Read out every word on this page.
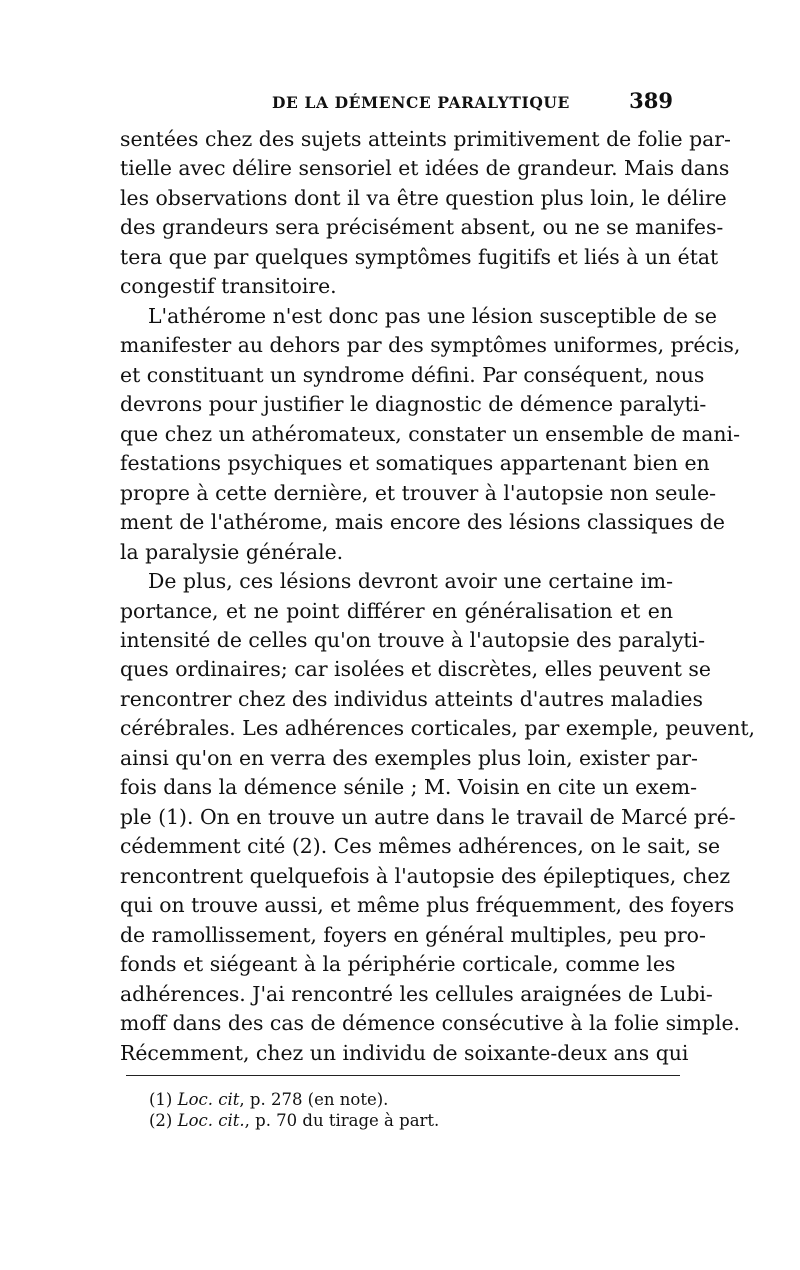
DE LA DÉMENCE PARALYTIQUE	389
sentées chez des sujets atteints primitivement de folie par-
tielle avec délire sensoriel et idées de grandeur. Mais dans
les observations dont il va être question plus loin, le délire
des grandeurs sera précisément absent, ou ne se manifes-
tera que par quelques symptômes fugitifs et liés à un état
congestif transitoire.
L'athérome n'est donc pas une lésion susceptible de se
manifester au dehors par des symptômes uniformes, précis,
et constituant un syndrome défini. Par conséquent, nous
devrons pour justifier le diagnostic de démence paralyti-
que chez un athéromateux, constater un ensemble de mani-
festations psychiques et somatiques appartenant bien en
propre à cette dernière, et trouver à l'autopsie non seule-
ment de l'athérome, mais encore des lésions classiques de
la paralysie générale.
De plus, ces lésions devront avoir une certaine im-
portance, et ne point différer en généralisation et en
intensité de celles qu'on trouve à l'autopsie des paralyti-
ques ordinaires; car isolées et discrètes, elles peuvent se
rencontrer chez des individus atteints d'autres maladies
cérébrales. Les adhérences corticales, par exemple, peuvent,
ainsi qu'on en verra des exemples plus loin, exister par-
fois dans la démence sénile ; M. Voisin en cite un exem-
ple (1). On en trouve un autre dans le travail de Marcé pré-
cédemment cité (2). Ces mêmes adhérences, on le sait, se
rencontrent quelquefois à l'autopsie des épileptiques, chez
qui on trouve aussi, et même plus fréquemment, des foyers
de ramollissement, foyers en général multiples, peu pro-
fonds et siégeant à la périphérie corticale, comme les
adhérences. J'ai rencontré les cellules araignées de Lubi-
moff dans des cas de démence consécutive à la folie simple.
Récemment, chez un individu de soixante-deux ans qui
(1) Loc. cit, p. 278 (en note).
(2) Loc. cit., p. 70 du tirage à part.
